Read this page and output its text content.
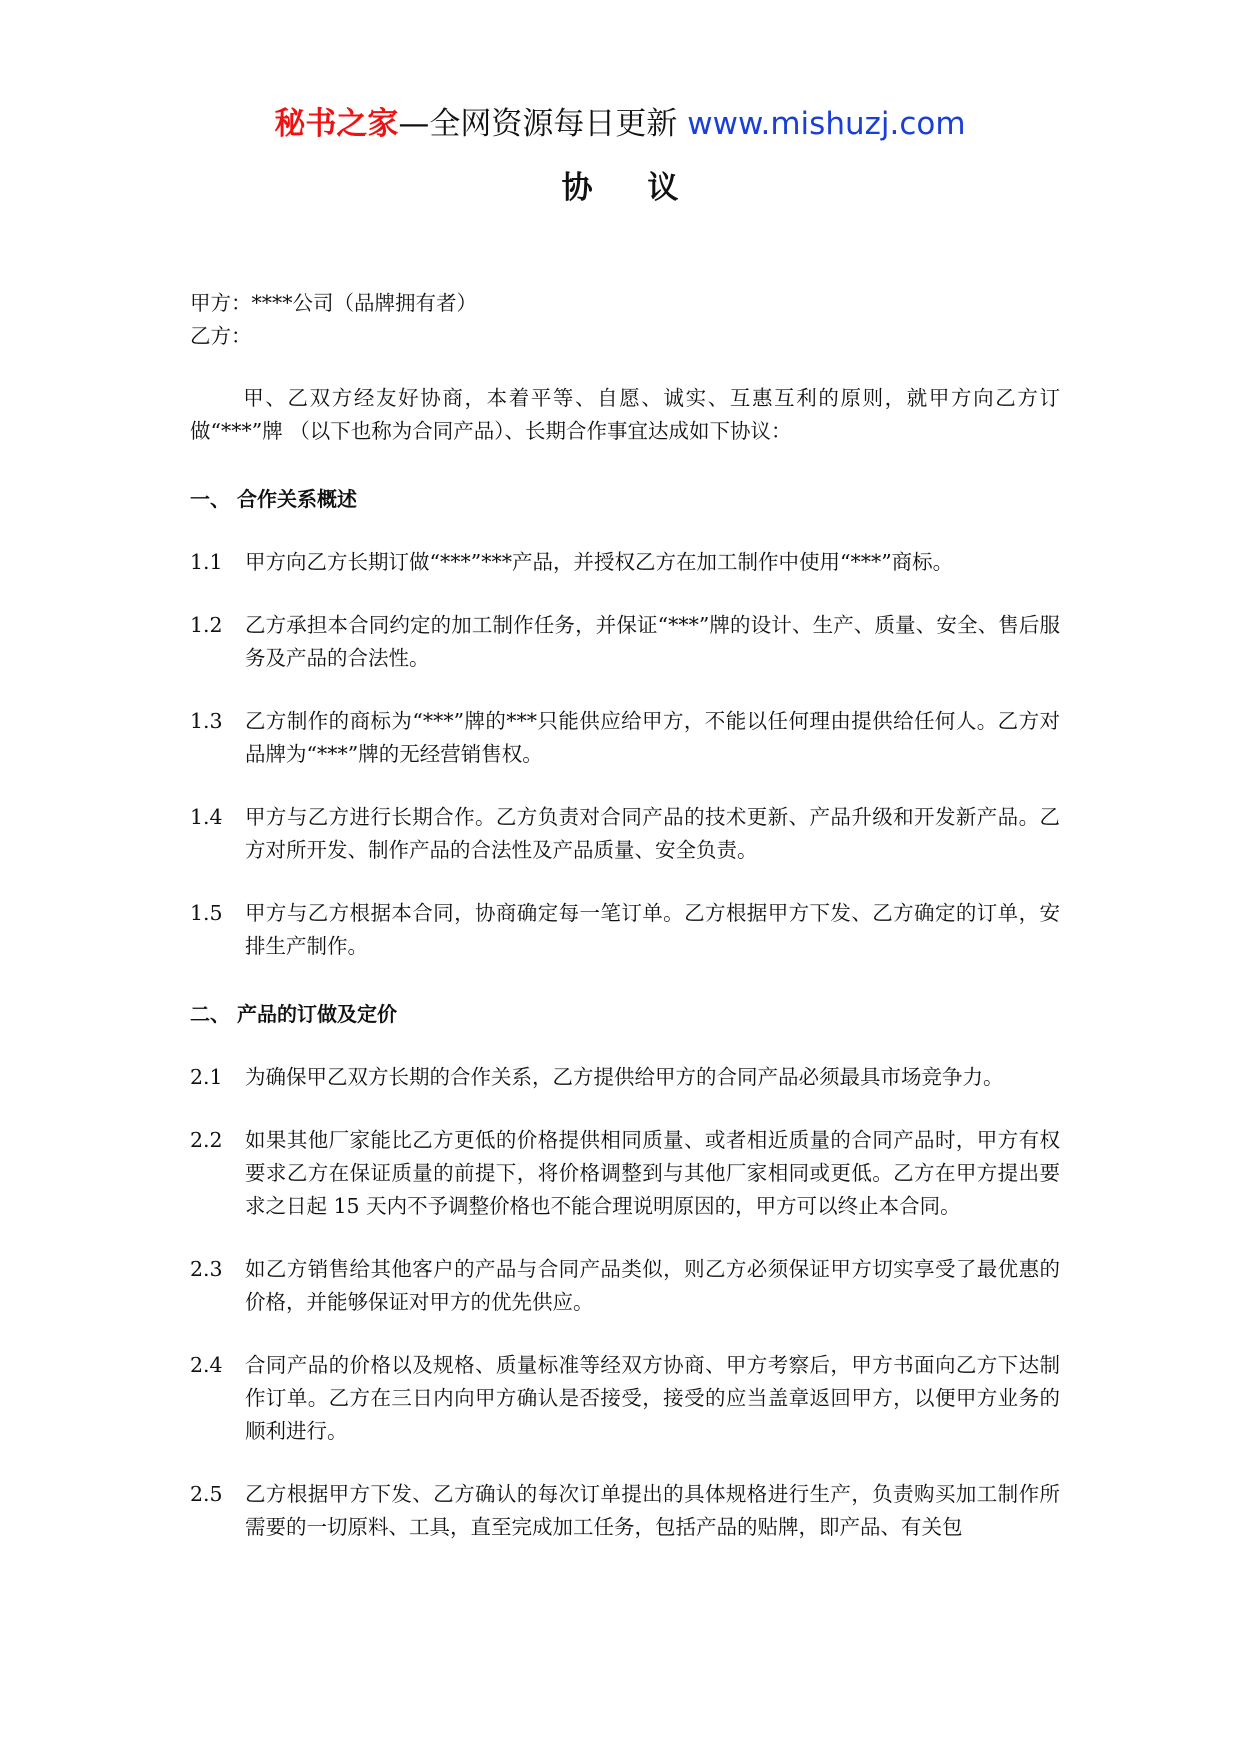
秘书之家—全网资源每日更新 www.mishuzj.com
协 议

甲方：****公司（品牌拥有者）

乙方：

甲、乙双方经友好协商，本着平等、自愿、诚实、互惠互利的原则，就甲方向乙方订做“***”牌 （以下也称为合同产品）、长期合作事宜达成如下协议：

一、 合作关系概述
1.1	甲方向乙方长期订做“***”***产品，并授权乙方在加工制作中使用“***”商标。
1.2	乙方承担本合同约定的加工制作任务，并保证“***”牌的设计、生产、质量、安全、售后服务及产品的合法性。
1.3	乙方制作的商标为“***”牌的***只能供应给甲方，不能以任何理由提供给任何人。乙方对品牌为“***”牌的无经营销售权。
1.4	甲方与乙方进行长期合作。乙方负责对合同产品的技术更新、产品升级和开发新产品。乙方对所开发、制作产品的合法性及产品质量、安全负责。
1.5	甲方与乙方根据本合同，协商确定每一笔订单。乙方根据甲方下发、乙方确定的订单，安排生产制作。
二、 产品的订做及定价
2.1	为确保甲乙双方长期的合作关系，乙方提供给甲方的合同产品必须最具市场竞争力。
2.2	如果其他厂家能比乙方更低的价格提供相同质量、或者相近质量的合同产品时，甲方有权要求乙方在保证质量的前提下，将价格调整到与其他厂家相同或更低。乙方在甲方提出要求之日起 15 天内不予调整价格也不能合理说明原因的，甲方可以终止本合同。
2.3	如乙方销售给其他客户的产品与合同产品类似，则乙方必须保证甲方切实享受了最优惠的价格，并能够保证对甲方的优先供应。
2.4	合同产品的价格以及规格、质量标准等经双方协商、甲方考察后，甲方书面向乙方下达制作订单。乙方在三日内向甲方确认是否接受，接受的应当盖章返回甲方，以便甲方业务的顺利进行。
2.5	乙方根据甲方下发、乙方确认的每次订单提出的具体规格进行生产，负责购买加工制作所需要的一切原料、工具，直至完成加工任务，包括产品的贴牌，即产品、有关包
